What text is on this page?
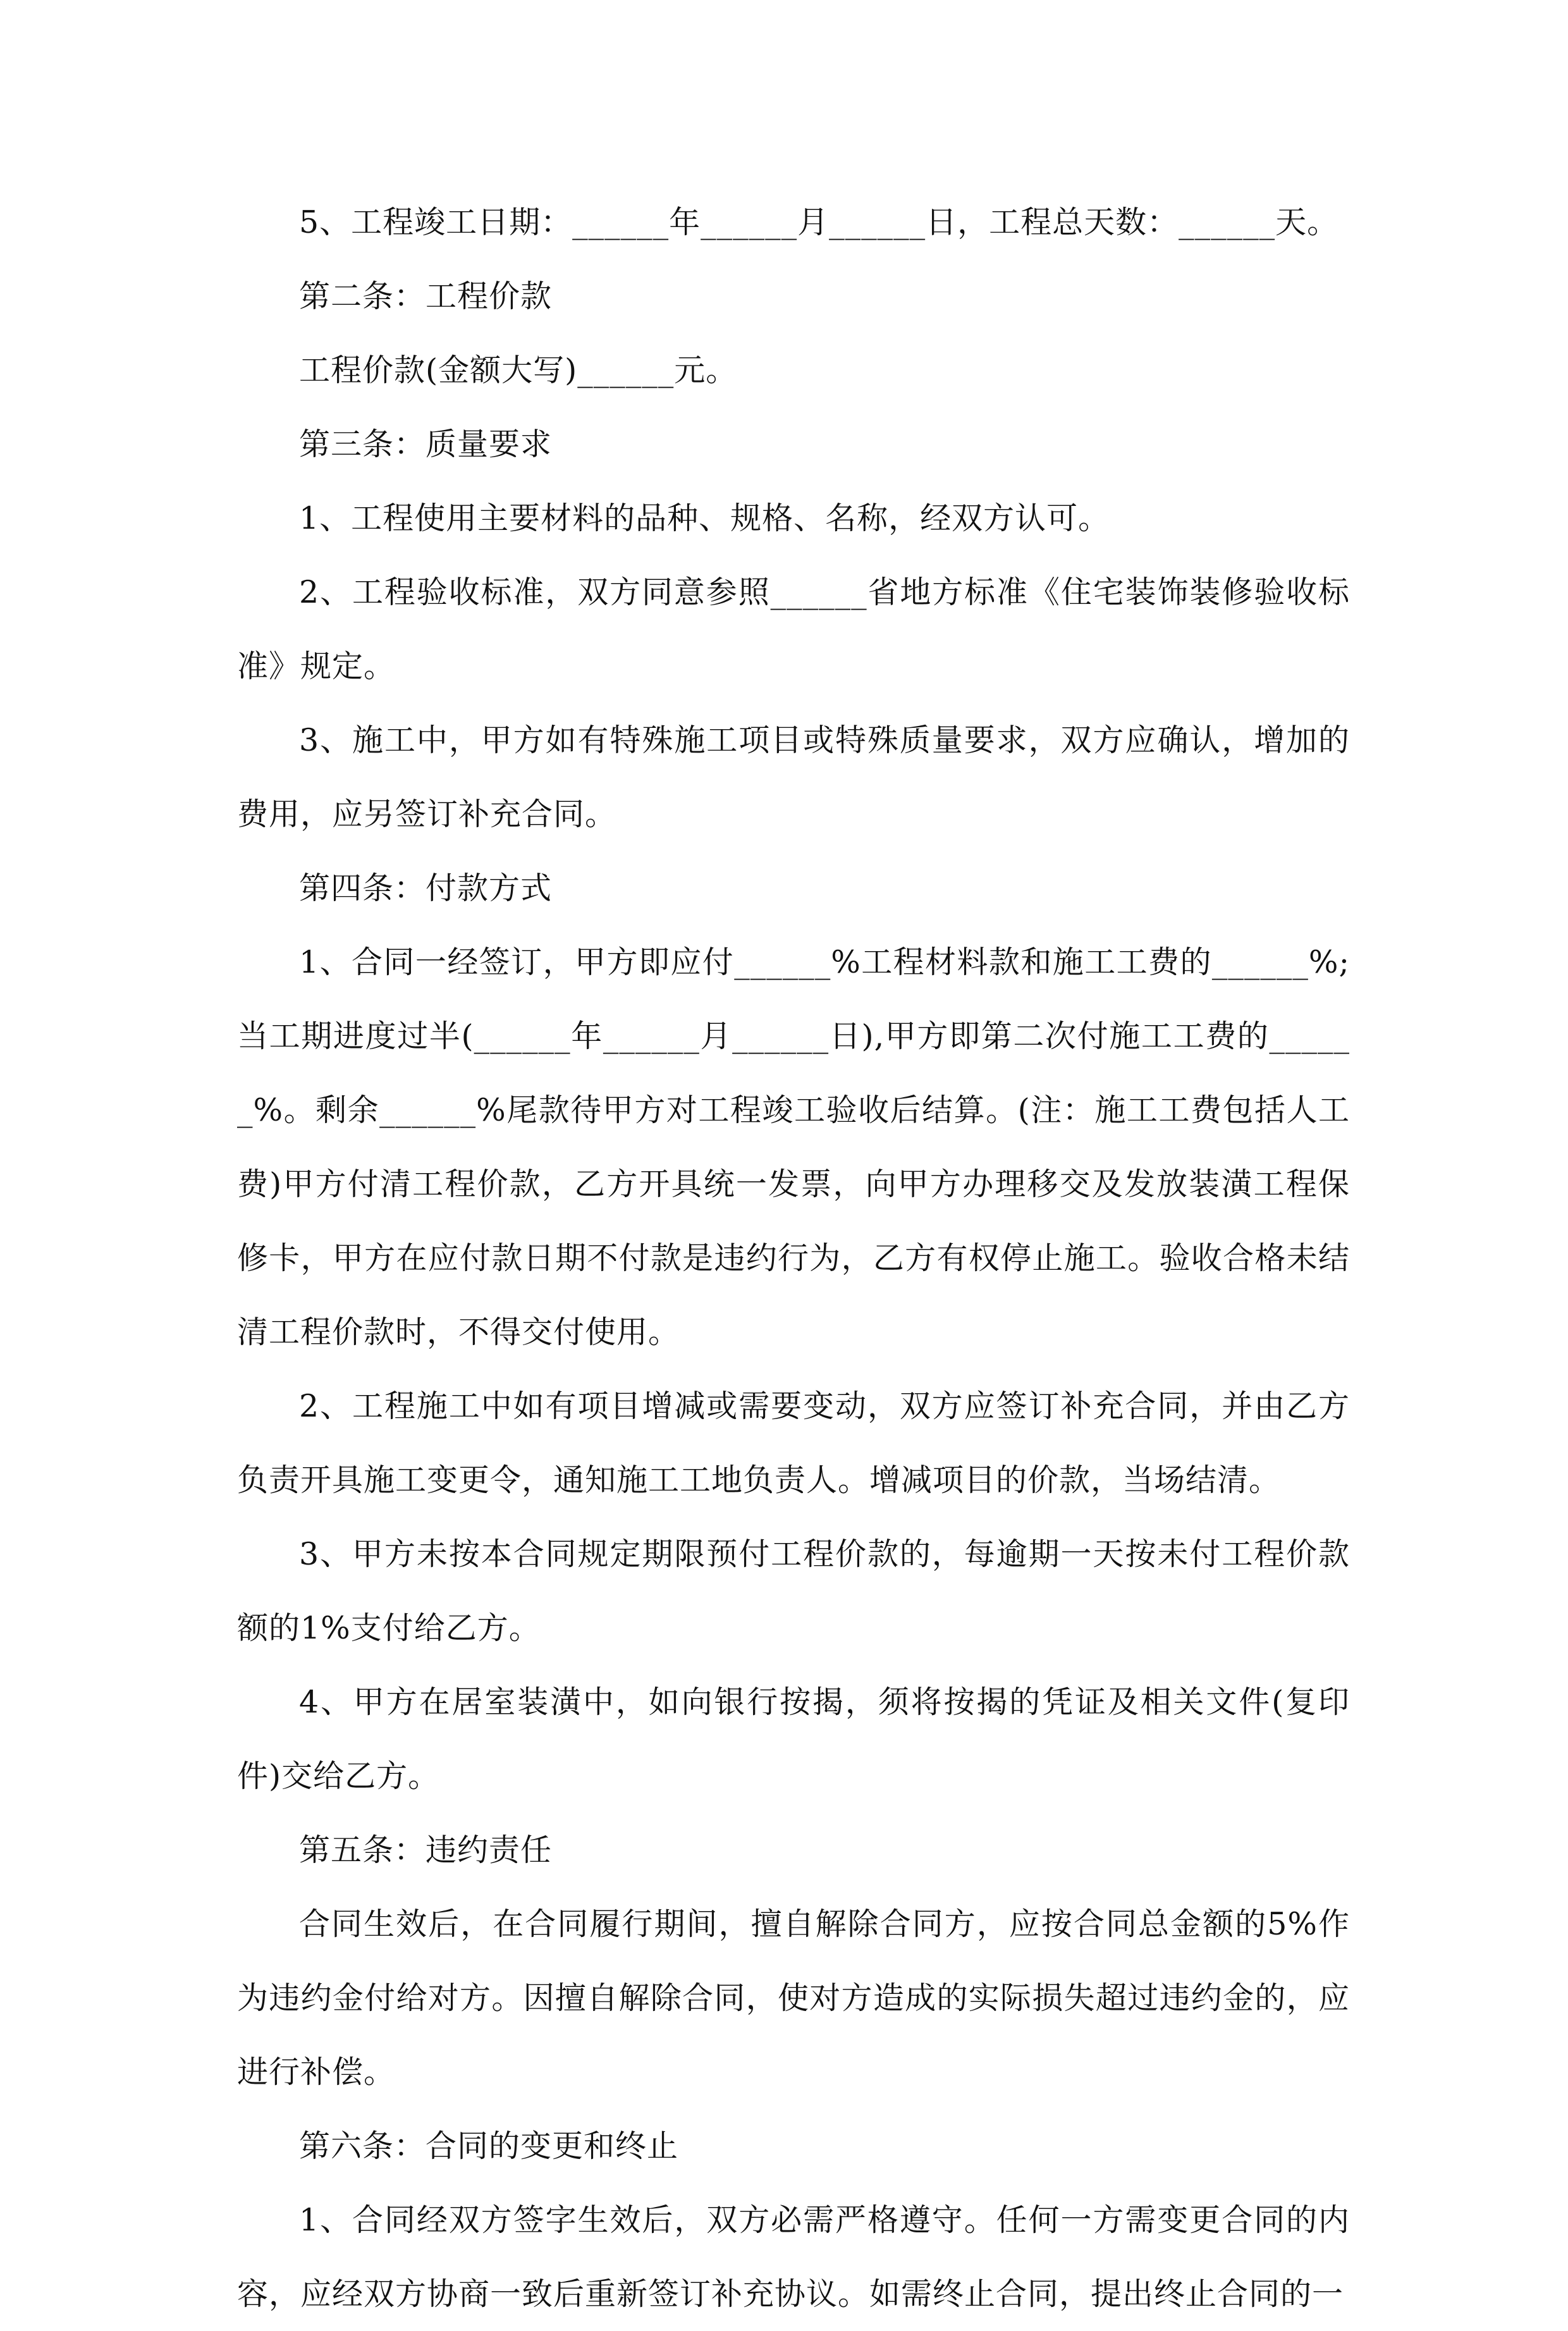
5、工程竣工日期：______年______月______日，工程总天数：______天。

第二条：工程价款

工程价款(金额大写)______元。

第三条：质量要求

1、工程使用主要材料的品种、规格、名称，经双方认可。

2、工程验收标准，双方同意参照______省地方标准《住宅装饰装修验收标准》规定。

3、施工中，甲方如有特殊施工项目或特殊质量要求，双方应确认，增加的费用，应另签订补充合同。

第四条：付款方式

1、合同一经签订，甲方即应付______%工程材料款和施工工费的______%;当工期进度过半(______年______月______日),甲方即第二次付施工工费的______%。剩余______%尾款待甲方对工程竣工验收后结算。(注：施工工费包括人工费)甲方付清工程价款，乙方开具统一发票，向甲方办理移交及发放装潢工程保修卡，甲方在应付款日期不付款是违约行为，乙方有权停止施工。验收合格未结清工程价款时，不得交付使用。

2、工程施工中如有项目增减或需要变动，双方应签订补充合同，并由乙方负责开具施工变更令，通知施工工地负责人。增减项目的价款，当场结清。

3、甲方未按本合同规定期限预付工程价款的，每逾期一天按未付工程价款额的1%支付给乙方。

4、甲方在居室装潢中，如向银行按揭，须将按揭的凭证及相关文件(复印件)交给乙方。

第五条：违约责任

合同生效后，在合同履行期间，擅自解除合同方，应按合同总金额的5%作为违约金付给对方。因擅自解除合同，使对方造成的实际损失超过违约金的，应进行补偿。

第六条：合同的变更和终止

1、合同经双方签字生效后，双方必需严格遵守。任何一方需变更合同的内容，应经双方协商一致后重新签订补充协议。如需终止合同，提出终止合同的一
